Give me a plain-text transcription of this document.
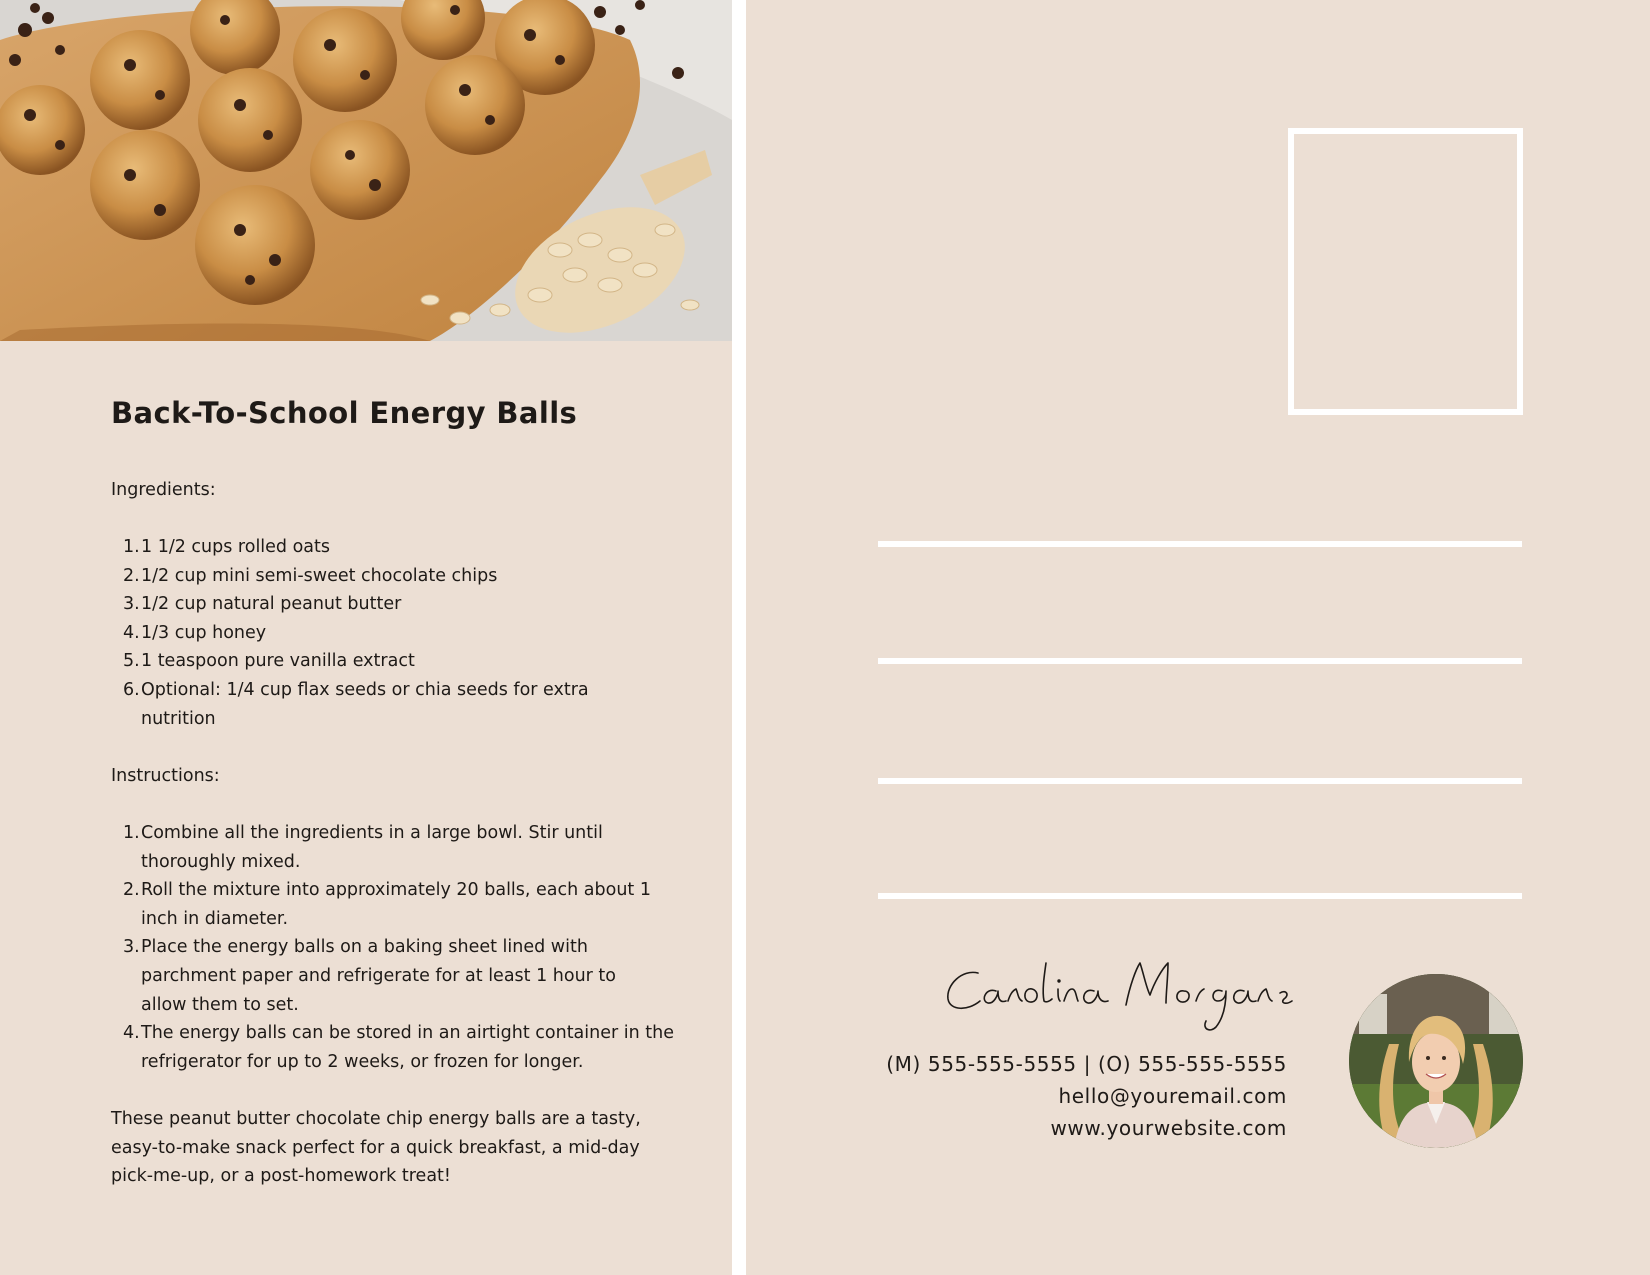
Back-To-School Energy Balls

Ingredients:

1. 1 1/2 cups rolled oats
2. 1/2 cup mini semi-sweet chocolate chips
3. 1/2 cup natural peanut butter
4. 1/3 cup honey
5. 1 teaspoon pure vanilla extract
6. Optional: 1/4 cup flax seeds or chia seeds for extra nutrition

Instructions:

1. Combine all the ingredients in a large bowl. Stir until thoroughly mixed.
2. Roll the mixture into approximately 20 balls, each about 1 inch in diameter.
3. Place the energy balls on a baking sheet lined with parchment paper and refrigerate for at least 1 hour to allow them to set.
4. The energy balls can be stored in an airtight container in the refrigerator for up to 2 weeks, or frozen for longer.

These peanut butter chocolate chip energy balls are a tasty, easy-to-make snack perfect for a quick breakfast, a mid-day pick-me-up, or a post-homework treat!

Carolina Morgans
(M) 555-555-5555 | (O) 555-555-5555
hello@youremail.com
www.yourwebsite.com
